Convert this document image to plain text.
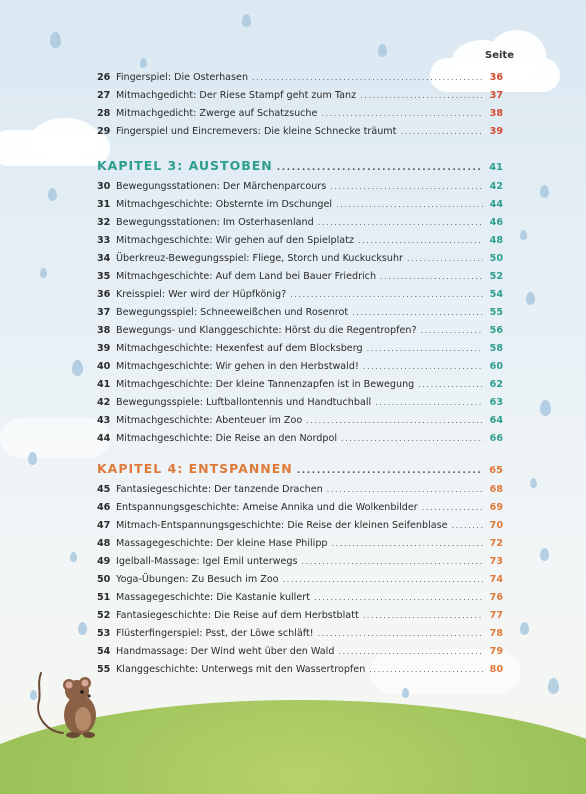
Seite
26 Fingerspiel: Die Osterhasen .....	36
27 Mitmachgedicht: Der Riese Stampf geht zum Tanz .....	37
28 Mitmachgedicht: Zwerge auf Schatzsuche .....	38
29 Fingerspiel und Eincremevers: Die kleine Schnecke träumt .....	39
KAPITEL 3: AUSTOBEN .....	41
30 Bewegungsstationen: Der Märchenparcours .....	42
31 Mitmachgeschichte: Obsternte im Dschungel .....	44
32 Bewegungsstationen: Im Osterhasenland .....	46
33 Mitmachgeschichte: Wir gehen auf den Spielplatz .....	48
34 Überkreuz-Bewegungsspiel: Fliege, Storch und Kuckucksuhr .....	50
35 Mitmachgeschichte: Auf dem Land bei Bauer Friedrich .....	52
36 Kreisspiel: Wer wird der Hüpfkönig? .....	54
37 Bewegungsspiel: Schneeweißchen und Rosenrot .....	55
38 Bewegungs- und Klanggeschichte: Hörst du die Regentropfen? .....	56
39 Mitmachgeschichte: Hexenfest auf dem Blocksberg .....	58
40 Mitmachgeschichte: Wir gehen in den Herbstwald! .....	60
41 Mitmachgeschichte: Der kleine Tannenzapfen ist in Bewegung .....	62
42 Bewegungsspiele: Luftballontennis und Handtuchball .....	63
43 Mitmachgeschichte: Abenteuer im Zoo .....	64
44 Mitmachgeschichte: Die Reise an den Nordpol .....	66
KAPITEL 4: ENTSPANNEN .....	65
45 Fantasiegeschichte: Der tanzende Drachen .....	68
46 Entspannungsgeschichte: Ameise Annika und die Wolkenbilder .....	69
47 Mitmach-Entspannungsgeschichte: Die Reise der kleinen Seifenblase .....	70
48 Massagegeschichte: Der kleine Hase Philipp .....	72
49 Igelball-Massage: Igel Emil unterwegs .....	73
50 Yoga-Übungen: Zu Besuch im Zoo .....	74
51 Massagegeschichte: Die Kastanie kullert .....	76
52 Fantasiegeschichte: Die Reise auf dem Herbstblatt .....	77
53 Flüsterfingerspiel: Psst, der Löwe schläft! .....	78
54 Handmassage: Der Wind weht über den Wald .....	79
55 Klanggeschichte: Unterwegs mit den Wassertropfen .....	80
